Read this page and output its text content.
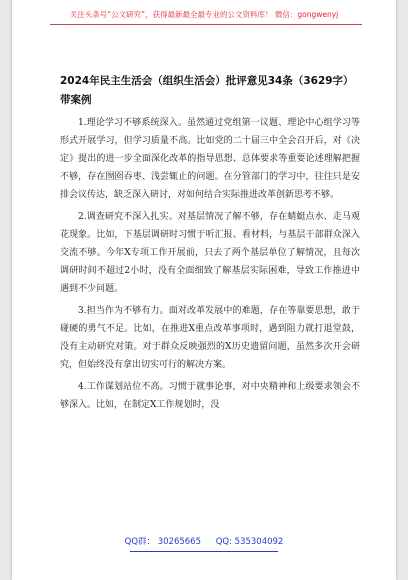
关注头条号“公文研究”，获得最新最全最专业的公文资料库！ 微信：gongwenyj
2024年民主生活会（组织生活会）批评意见34条（3629字）带案例

1.理论学习不够系统深入。虽然通过党组第一议题、理论中心组学习等形式开展学习，但学习质量不高。比如党的二十届三中全会召开后，对《决定》提出的进一步全面深化改革的指导思想、总体要求等重要论述理解把握不够，存在囫囵吞枣、浅尝辄止的问题。在分管部门的学习中，往往只是安排会议传达，缺乏深入研讨，对如何结合实际推进改革创新思考不够。

2.调查研究不深入扎实。对基层情况了解不够，存在蜻蜓点水、走马观花现象。比如，下基层调研时习惯于听汇报、看材料，与基层干部群众深入交流不够。今年X专项工作开展前，只去了两个基层单位了解情况，且每次调研时间不超过2小时，没有全面细致了解基层实际困难，导致工作推进中遇到不少问题。

3.担当作为不够有力。面对改革发展中的难题，存在等靠要思想，敢于碰硬的勇气不足。比如，在推进X重点改革事项时，遇到阻力就打退堂鼓，没有主动研究对策。对于群众反映强烈的X历史遗留问题，虽然多次开会研究，但始终没有拿出切实可行的解决方案。

4.工作谋划站位不高。习惯于就事论事，对中央精神和上级要求领会不够深入。比如，在制定X工作规划时，没

QQ群： 30265665 QQ: 535304092
